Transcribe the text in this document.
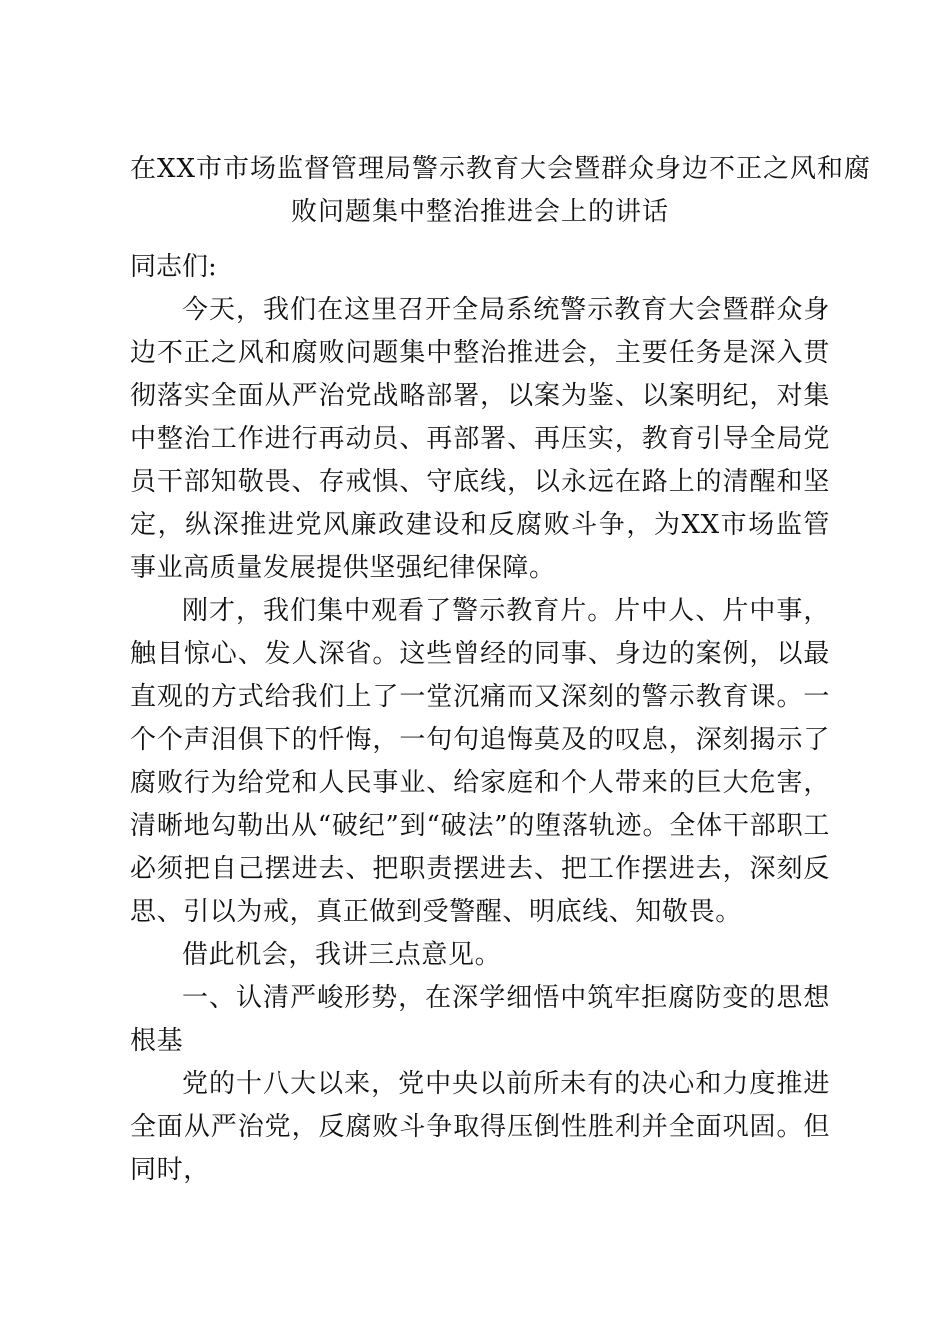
在XX市市场监督管理局警示教育大会暨群众身边不正之风和腐
败问题集中整治推进会上的讲话

同志们:

今天，我们在这里召开全局系统警示教育大会暨群众身边不正之风和腐败问题集中整治推进会，主要任务是深入贯彻落实全面从严治党战略部署，以案为鉴、以案明纪，对集中整治工作进行再动员、再部署、再压实，教育引导全局党员干部知敬畏、存戒惧、守底线，以永远在路上的清醒和坚定，纵深推进党风廉政建设和反腐败斗争，为XX市场监管事业高质量发展提供坚强纪律保障。

刚才，我们集中观看了警示教育片。片中人、片中事，触目惊心、发人深省。这些曾经的同事、身边的案例，以最直观的方式给我们上了一堂沉痛而又深刻的警示教育课。一个个声泪俱下的忏悔，一句句追悔莫及的叹息，深刻揭示了腐败行为给党和人民事业、给家庭和个人带来的巨大危害，清晰地勾勒出从“破纪”到“破法”的堕落轨迹。全体干部职工必须把自己摆进去、把职责摆进去、把工作摆进去，深刻反思、引以为戒，真正做到受警醒、明底线、知敬畏。

借此机会，我讲三点意见。

一、认清严峻形势，在深学细悟中筑牢拒腐防变的思想根基

党的十八大以来，党中央以前所未有的决心和力度推进全面从严治党，反腐败斗争取得压倒性胜利并全面巩固。但同时，
